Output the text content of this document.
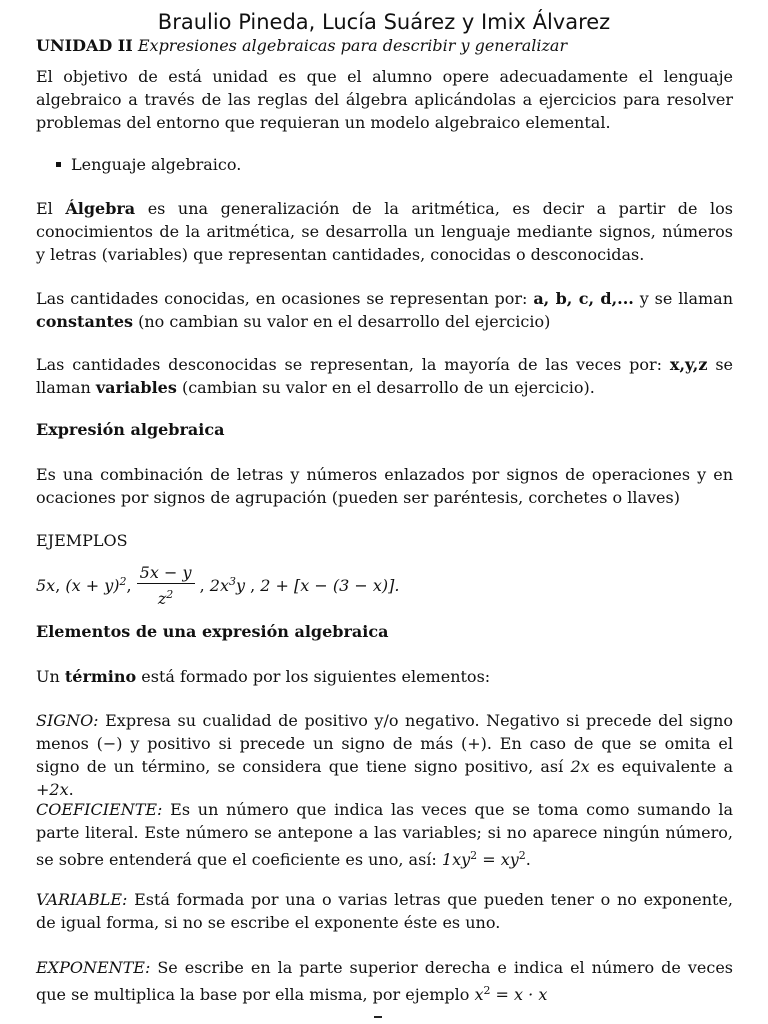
Braulio Pineda, Lucía Suárez y Imix Álvarez
UNIDAD II Expresiones algebraicas para describir y generalizar
El objetivo de está unidad es que el alumno opere adecuadamente el lenguaje algebraico a través de las reglas del álgebra aplicándolas a ejercicios para resolver problemas del entorno que requieran un modelo algebraico elemental.
Lenguaje algebraico.
El Álgebra es una generalización de la aritmética, es decir a partir de los conocimientos de la aritmética, se desarrolla un lenguaje mediante signos, números y letras (variables) que representan cantidades, conocidas o desconocidas.
Las cantidades conocidas, en ocasiones se representan por: a, b, c, d,... y se llaman constantes (no cambian su valor en el desarrollo del ejercicio)
Las cantidades desconocidas se representan, la mayoría de las veces por: x,y,z se llaman variables (cambian su valor en el desarrollo de un ejercicio).
Expresión algebraica
Es una combinación de letras y números enlazados por signos de operaciones y en ocaciones por signos de agrupación (pueden ser paréntesis, corchetes o llaves)
EJEMPLOS
5x, $(x + y)^2$, $\frac{5x - y}{z^2}$ , $2x^3y$ , 2 + [x − (3 − x)].
Elementos de una expresión algebraica
Un término está formado por los siguientes elementos:
SIGNO: Expresa su cualidad de positivo y/o negativo. Negativo si precede del signo menos (−) y positivo si precede un signo de más (+). En caso de que se omita el signo de un término, se considera que tiene signo positivo, así 2x es equivalente a +2x.
COEFICIENTE: Es un número que indica las veces que se toma como sumando la parte literal. Este número se antepone a las variables; si no aparece ningún número, se sobre entenderá que el coeficiente es uno, así: $1xy^2 = xy^2$.
VARIABLE: Está formada por una o varias letras que pueden tener o no exponente, de igual forma, si no se escribe el exponente éste es uno.
EXPONENTE: Se escribe en la parte superior derecha e indica el número de veces que se multiplica la base por ella misma, por ejemplo $x^2 = x \cdot x$
